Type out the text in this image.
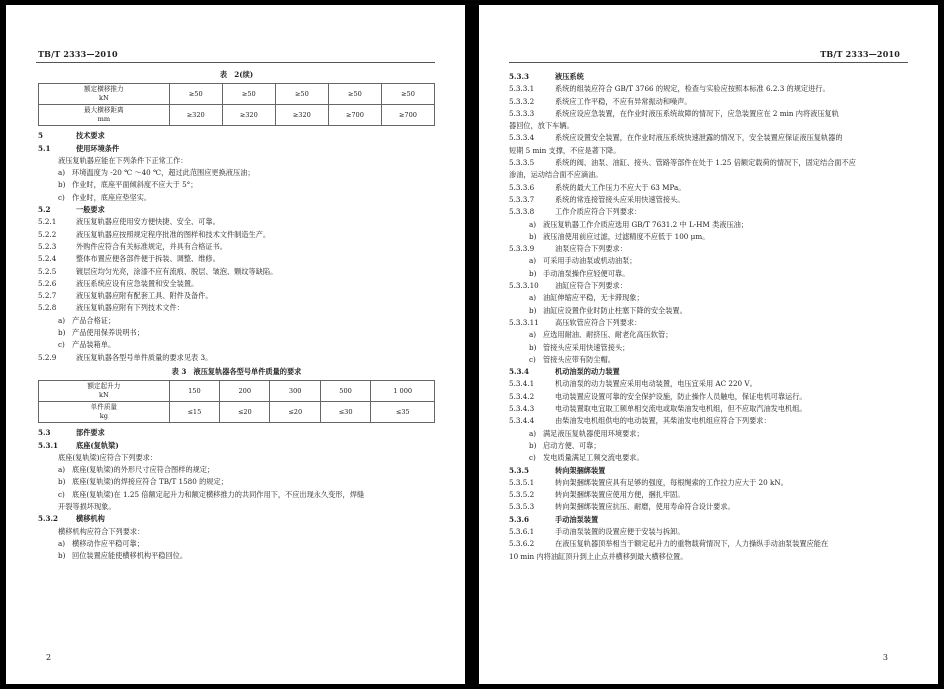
TB/T 2333—2010
表　2(续)
额定横移推力
kN	≥50	≥50	≥50	≥50	≥50

最大横移距离
mm	≥320	≥320	≥320	≥700	≥700
5	技术要求
5.1	使用环境条件
液压复轨器应能在下列条件下正常工作：
a) 环境温度为 -20 ℃ ～40 ℃，超过此范围应更换液压油；
b) 作业时，底座平面倾斜度不应大于 5°；
c) 作业时，底座应垫坚实。
5.2	一般要求
5.2.1	液压复轨器应使用安方便快捷、安全、可靠。
5.2.2	液压复轨器应按照规定程序批准的图样和技术文件制造生产。
5.2.3	外购件应符合有关标准规定，并具有合格证书。
5.2.4	整体布置应便各部件便于拆装、调整、维修。
5.2.5	镀层应均匀光亮，涂漆不应有流痕、脱层、皱泡、颗纹等缺陷。
5.2.6	液压系统应设有应急装置和安全装置。
5.2.7	液压复轨器应附有配套工具、附件及备件。
5.2.8	液压复轨器应附有下列技术文件：
a) 产品合格证；
b) 产品使用保养说明书；
c) 产品装箱单。
5.2.9	液压复轨器各型号单件质量的要求见表 3。
表 3　液压复轨器各型号单件质量的要求
额定起升力
kN	150	200	300	500	1 000

单件质量
kg	≤15	≤20	≤20	≤30	≤35
5.3	部件要求
5.3.1 底座(复轨梁)
底座(复轨梁)应符合下列要求：
a) 底座(复轨梁)的外形尺寸应符合图样的规定；
b) 底座(复轨梁)的焊接应符合 TB/T 1580 的规定；
c) 底座(复轨梁)在 1.25 倍额定起升力和额定横移推力的共同作用下，不应出现永久变形，焊缝
开裂等损坏现象。
5.3.2 横移机构
横移机构应符合下列要求：
a) 横移动作应平稳可靠；
b) 回位装置应能使横移机构平稳回位。
2
TB/T 2333—2010
5.3.3	液压系统
5.3.3.1	系统的组装应符合 GB/T 3766 的规定，检查与实验应按照本标准 6.2.3 的规定进行。
5.3.3.2	系统应工作平稳，不应有异常振动和噪声。
5.3.3.3	系统应设应急装置，在作业时液压系统故障的情况下，应急装置应在 2 min 内将液压复轨
器回位，放下车辆。
5.3.3.4	系统应设置安全装置，在作业时液压系统快速泄露的情况下，安全装置应保证液压复轨器的
短期 5 min 支撑，不应是著下降。
5.3.3.5	系统的阀、油泵、油缸、接头、管路等部件在处于 1.25 倍额定载荷的情况下，固定结合面不应
渗油，运动结合面不应滴油。
5.3.3.6	系统的最大工作压力不应大于 63 MPa。
5.3.3.7	系统的常连接管接头应采用快速管接头。
5.3.3.8	工作介质应符合下列要求：
a) 液压复轨器工作介质应选用 GB/T 7631.2 中 L-HM 类液压油；
b) 液压油使用前应过滤，过滤精度不应低于 100 μm。
5.3.3.9	油泵应符合下列要求：
a) 可采用手动油泵或机动油泵；
b) 手动油泵操作应轻便可靠。
5.3.3.10 油缸应符合下列要求：
a) 油缸伸缩应平稳，无卡滞现象；
b) 油缸应设置作业时防止柱塞下降的安全装置。
5.3.3.11 高压软管应符合下列要求：
a) 应选用耐油、耐挤压、耐老化高压软管；
b) 管接头应采用快速管接头；
c) 管接头应带有防尘帽。
5.3.4	机动油泵的动力装置
5.3.4.1	机动油泵的动力装置应采用电动装置，电压宜采用 AC 220 V。
5.3.4.2	电动装置应设置可靠的安全保护设施，防止操作人员触电，保证电机可靠运行。
5.3.4.3	电动装置取电宜取工频单相交流电或取柴油发电机组，但不应取汽油发电机组。
5.3.4.4	由柴油发电机组供电的电动装置，其柴油发电机组应符合下列要求：
a) 满足液压复轨器使用环境要求；
b) 启动方便、可靠；
c) 发电质量满足工频交流电要求。
5.3.5	转向架捆绑装置
5.3.5.1	转向架捆绑装置应具有足够的强度，每根绳索的工作拉力应大于 20 kN。
5.3.5.2	转向架捆绑装置应使用方便，捆扎牢固。
5.3.5.3	转向架捆绑装置应抗压、耐磨，使用寿命符合设计要求。
5.3.6	手动油泵装置
5.3.6.1	手动油泵装置的设置应便于安装与拆卸。
5.3.6.2	在液压复轨器顶举相当于额定起升力的重物载荷情况下，人力操纵手动油泵装置应能在
10 min 内将油缸顶升到上止点并横移到最大横移位置。
3
